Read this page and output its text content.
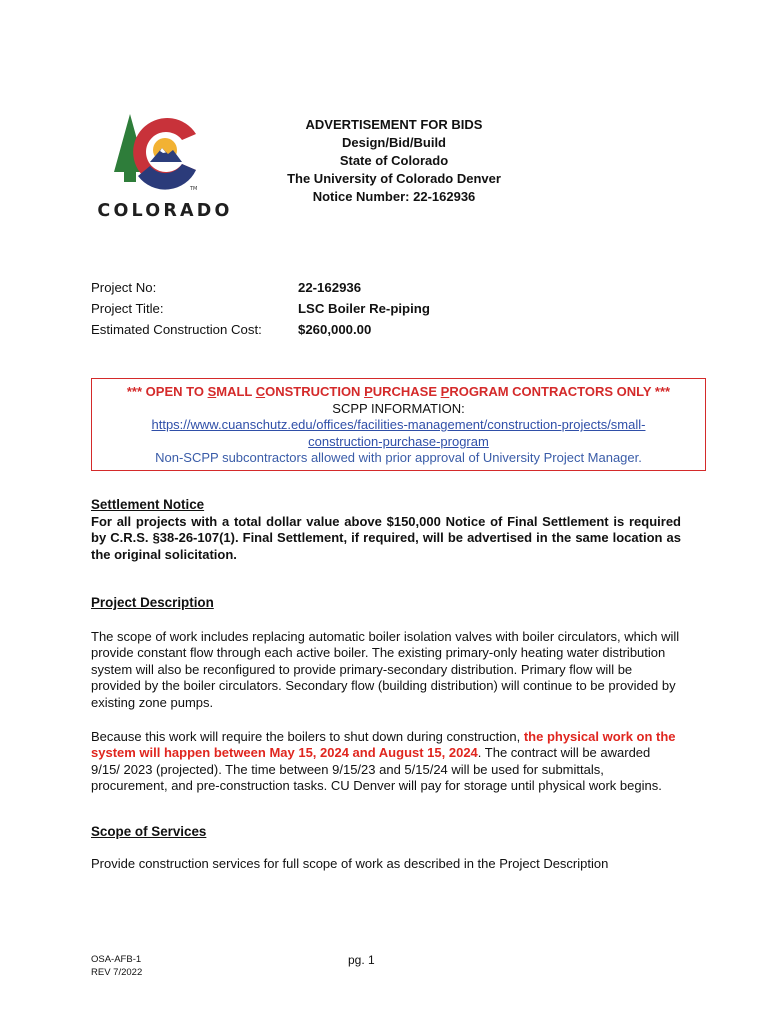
TM
COLORADO
ADVERTISEMENT FOR BIDS
Design/Bid/Build
State of Colorado
The University of Colorado Denver
Notice Number: 22-162936
Project No:	22-162936
Project Title:	LSC Boiler Re-piping
Estimated Construction Cost:	$260,000.00
*** OPEN TO SMALL CONSTRUCTION PURCHASE PROGRAM CONTRACTORS ONLY ***
SCPP INFORMATION:
https://www.cuanschutz.edu/offices/facilities-management/construction-projects/small-
construction-purchase-program
Non-SCPP subcontractors allowed with prior approval of University Project Manager.
Settlement Notice
For all projects with a total dollar value above $150,000 Notice of Final Settlement is required by C.R.S. §38-26-107(1). Final Settlement, if required, will be advertised in the same location as the original solicitation.
Project Description

The scope of work includes replacing automatic boiler isolation valves with boiler circulators, which will provide constant flow through each active boiler. The existing primary-only heating water distribution system will also be reconfigured to provide primary-secondary distribution. Primary flow will be provided by the boiler circulators. Secondary flow (building distribution) will continue to be provided by existing zone pumps.

Because this work will require the boilers to shut down during construction, the physical work on the system will happen between May 15, 2024 and August 15, 2024. The contract will be awarded 9/15/ 2023 (projected). The time between 9/15/23 and 5/15/24 will be used for submittals, procurement, and pre-construction tasks. CU Denver will pay for storage until physical work begins.

Scope of Services

Provide construction services for full scope of work as described in the Project Description

OSA-AFB-1
REV 7/2022
pg. 1
